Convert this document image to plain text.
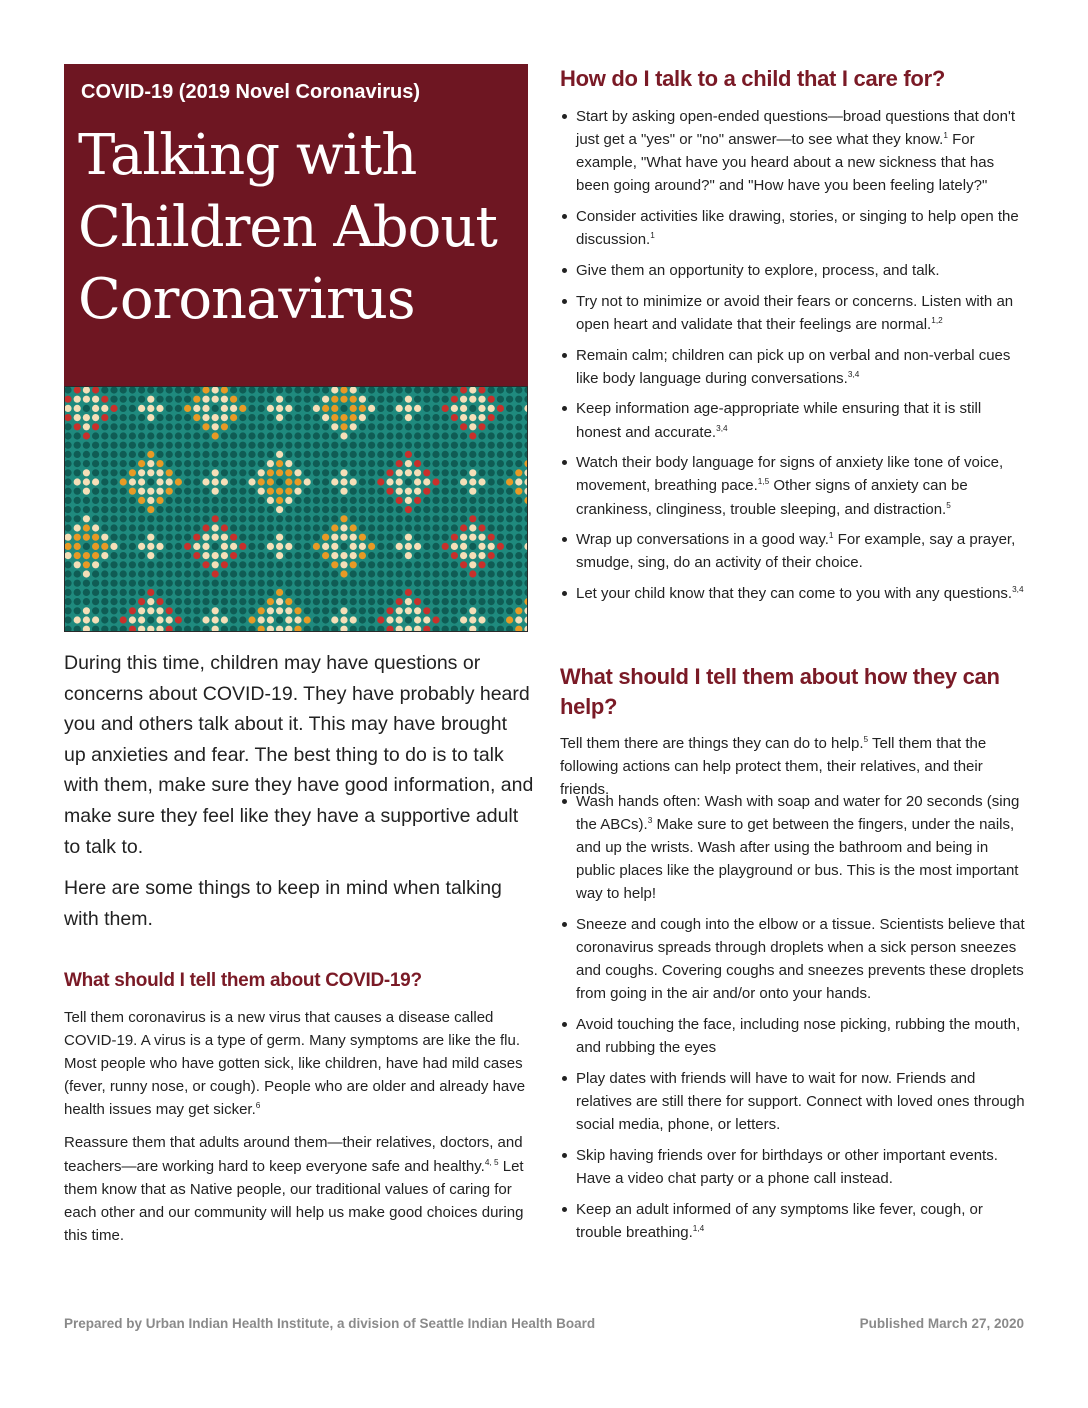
COVID-19 (2019 Novel Coronavirus)
Talking with
Children About
Coronavirus

During this time, children may have questions or concerns about COVID-19. They have probably heard you and others talk about it. This may have brought up anxieties and fear. The best thing to do is to talk with them, make sure they have good information, and make sure they feel like they have a supportive adult to talk to.

Here are some things to keep in mind when talking with them.

What should I tell them about COVID-19?

Tell them coronavirus is a new virus that causes a disease called COVID-19. A virus is a type of germ. Many symptoms are like the flu. Most people who have gotten sick, like children, have had mild cases (fever, runny nose, or cough). People who are older and already have health issues may get sicker.$^6$

Reassure them that adults around them—their relatives, doctors, and teachers—are working hard to keep everyone safe and healthy.$^{4, 5}$ Let them know that as Native people, our traditional values of caring for each other and our community will help us make good choices during this time.

How do I talk to a child that I care for?
Start by asking open-ended questions—broad questions that don't just get a "yes" or "no" answer—to see what they know.$^1$ For example, "What have you heard about a new sickness that has been going around?" and "How have you been feeling lately?"
Consider activities like drawing, stories, or singing to help open the discussion.$^1$
Give them an opportunity to explore, process, and talk.
Try not to minimize or avoid their fears or concerns. Listen with an open heart and validate that their feelings are normal.$^{1,2}$
Remain calm; children can pick up on verbal and non-verbal cues like body language during conversations.$^{3,4}$
Keep information age-appropriate while ensuring that it is still honest and accurate.$^{3,4}$
Watch their body language for signs of anxiety like tone of voice, movement, breathing pace.$^{1,5}$ Other signs of anxiety can be crankiness, clinginess, trouble sleeping, and distraction.$^5$
Wrap up conversations in a good way.$^1$ For example, say a prayer, smudge, sing, do an activity of their choice.
Let your child know that they can come to you with any questions.$^{3,4}$
What should I tell them about how they can help?

Tell them there are things they can do to help.$^5$ Tell them that the following actions can help protect them, their relatives, and their friends.

Wash hands often: Wash with soap and water for 20 seconds (sing the ABCs).$^3$ Make sure to get between the fingers, under the nails, and up the wrists. Wash after using the bathroom and being in public places like the playground or bus. This is the most important way to help!
Sneeze and cough into the elbow or a tissue. Scientists believe that coronavirus spreads through droplets when a sick person sneezes and coughs. Covering coughs and sneezes prevents these droplets from going in the air and/or onto your hands.
Avoid touching the face, including nose picking, rubbing the mouth, and rubbing the eyes
Play dates with friends will have to wait for now. Friends and relatives are still there for support. Connect with loved ones through social media, phone, or letters.
Skip having friends over for birthdays or other important events. Have a video chat party or a phone call instead.
Keep an adult informed of any symptoms like fever, cough, or trouble breathing.$^{1,4}$
Prepared by Urban Indian Health Institute, a division of Seattle Indian Health Board	Published March 27, 2020
